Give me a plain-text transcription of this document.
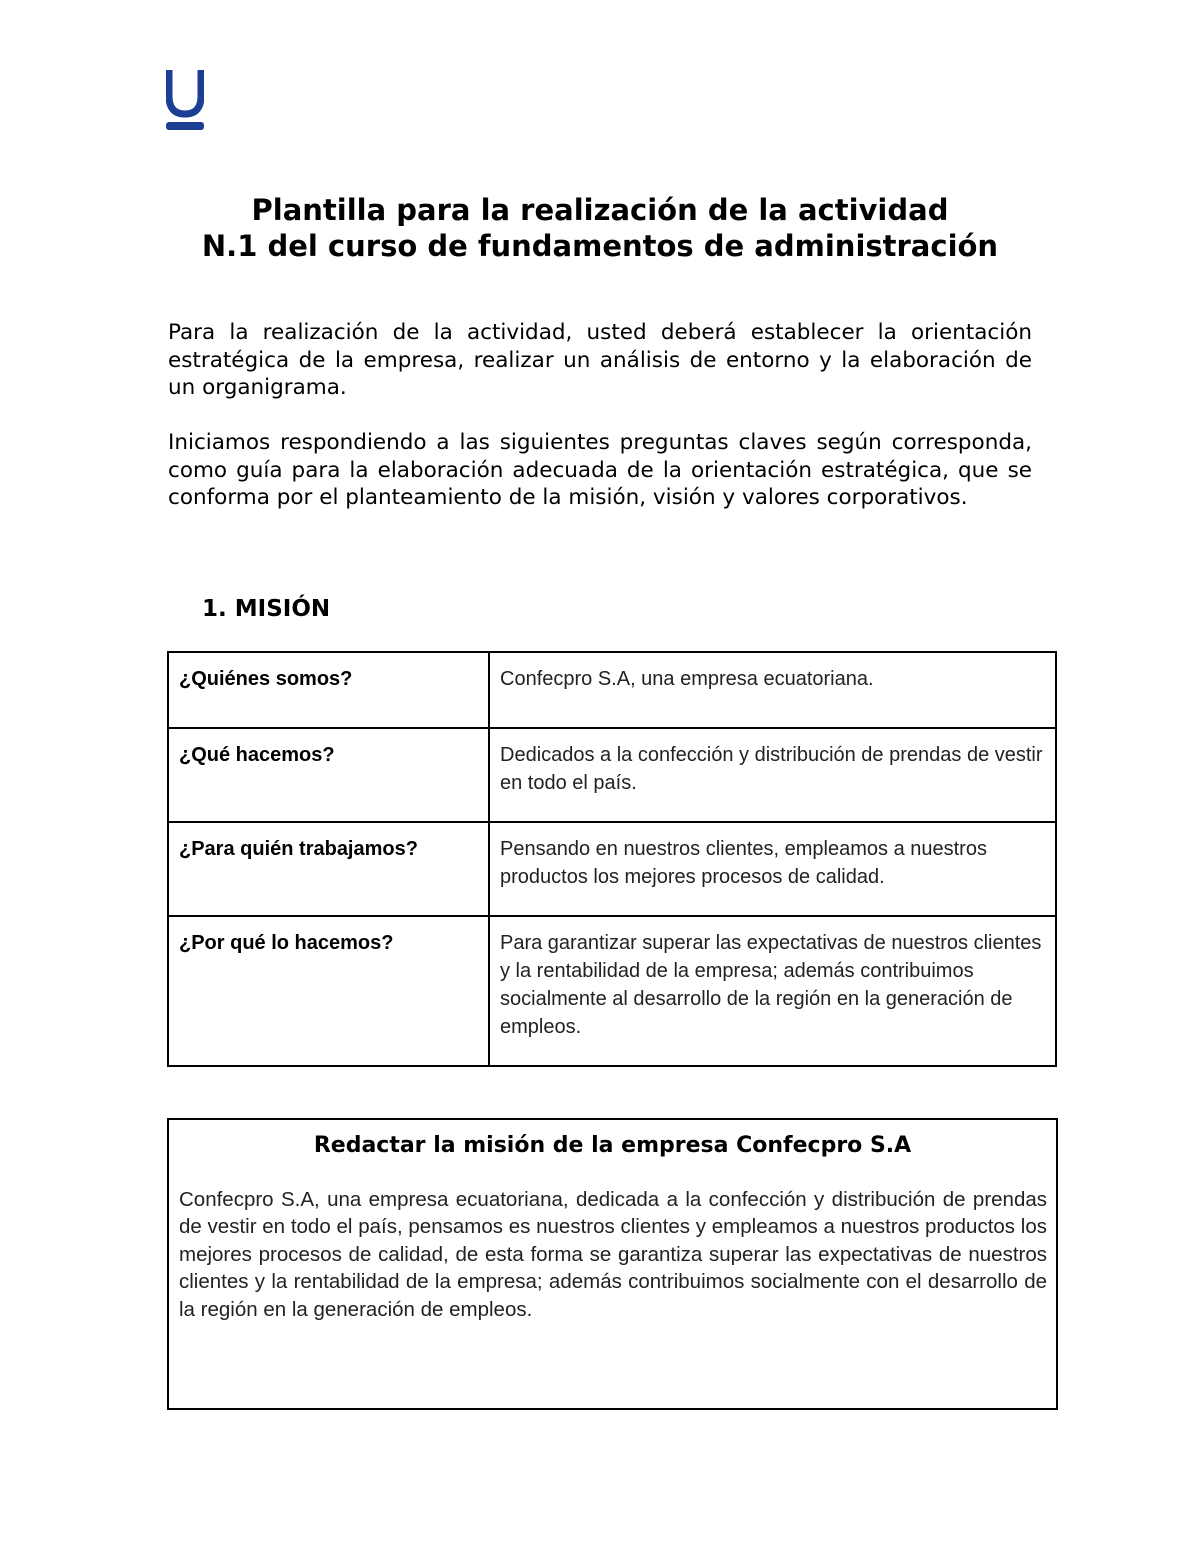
Plantilla para la realización de la actividad
N.1 del curso de fundamentos de administración

Para la realización de la actividad, usted deberá establecer la orientación estratégica de la empresa, realizar un análisis de entorno y la elaboración de un organigrama.

Iniciamos respondiendo a las siguientes preguntas claves según corresponda, como guía para la elaboración adecuada de la orientación estratégica, que se conforma por el planteamiento de la misión, visión y valores corporativos.

1. MISIÓN
¿Quiénes somos?	Confecpro S.A, una empresa ecuatoriana.
¿Qué hacemos?	Dedicados a la confección y distribución de prendas de vestir en todo el país.
¿Para quién trabajamos?	Pensando en nuestros clientes, empleamos a nuestros productos los mejores procesos de calidad.
¿Por qué lo hacemos?	Para garantizar superar las expectativas de nuestros clientes y la rentabilidad de la empresa; además contribuimos socialmente al desarrollo de la región en la generación de empleos.

Redactar la misión de la empresa Confecpro S.A

Confecpro S.A, una empresa ecuatoriana, dedicada a la confección y distribución de prendas de vestir en todo el país, pensamos es nuestros clientes y empleamos a nuestros productos los mejores procesos de calidad, de esta forma se garantiza superar las expectativas de nuestros clientes y la rentabilidad de la empresa; además contribuimos socialmente con el desarrollo de la región en la generación de empleos.
